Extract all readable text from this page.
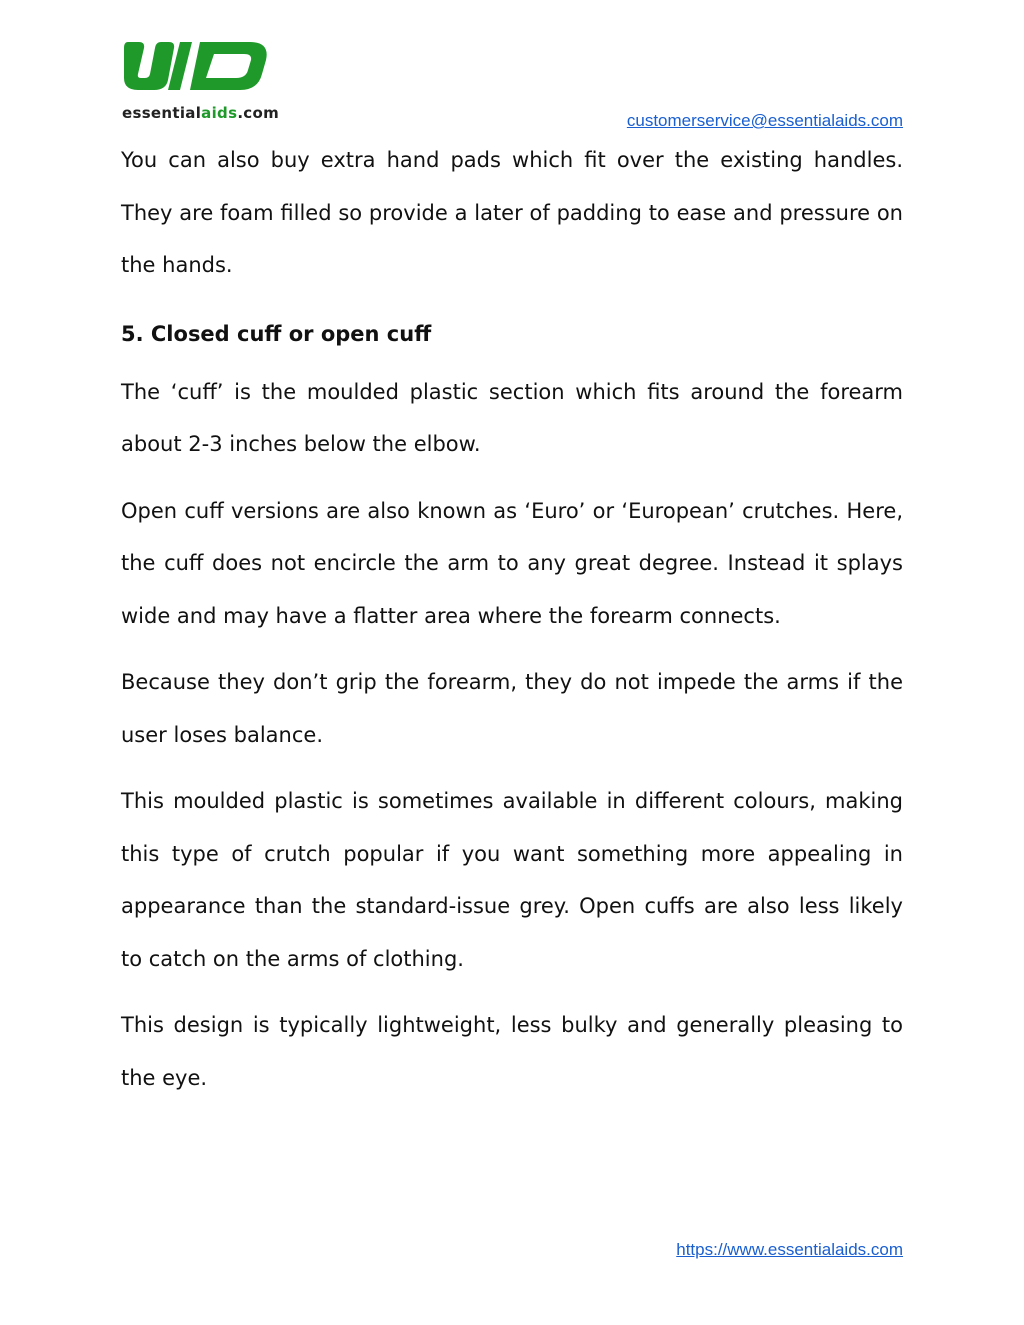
essentialaids.com	customerservice@essentialaids.com

You can also buy extra hand pads which fit over the existing handles. They are foam filled so provide a later of padding to ease and pressure on the hands.

5. Closed cuff or open cuff

The ‘cuff’ is the moulded plastic section which fits around the forearm about 2-3 inches below the elbow.

Open cuff versions are also known as ‘Euro’ or ‘European’ crutches. Here, the cuff does not encircle the arm to any great degree. Instead it splays wide and may have a flatter area where the forearm connects.

Because they don’t grip the forearm, they do not impede the arms if the user loses balance.

This moulded plastic is sometimes available in different colours, making this type of crutch popular if you want something more appealing in appearance than the standard-issue grey. Open cuffs are also less likely to catch on the arms of clothing.

This design is typically lightweight, less bulky and generally pleasing to the eye.

https://www.essentialaids.com
